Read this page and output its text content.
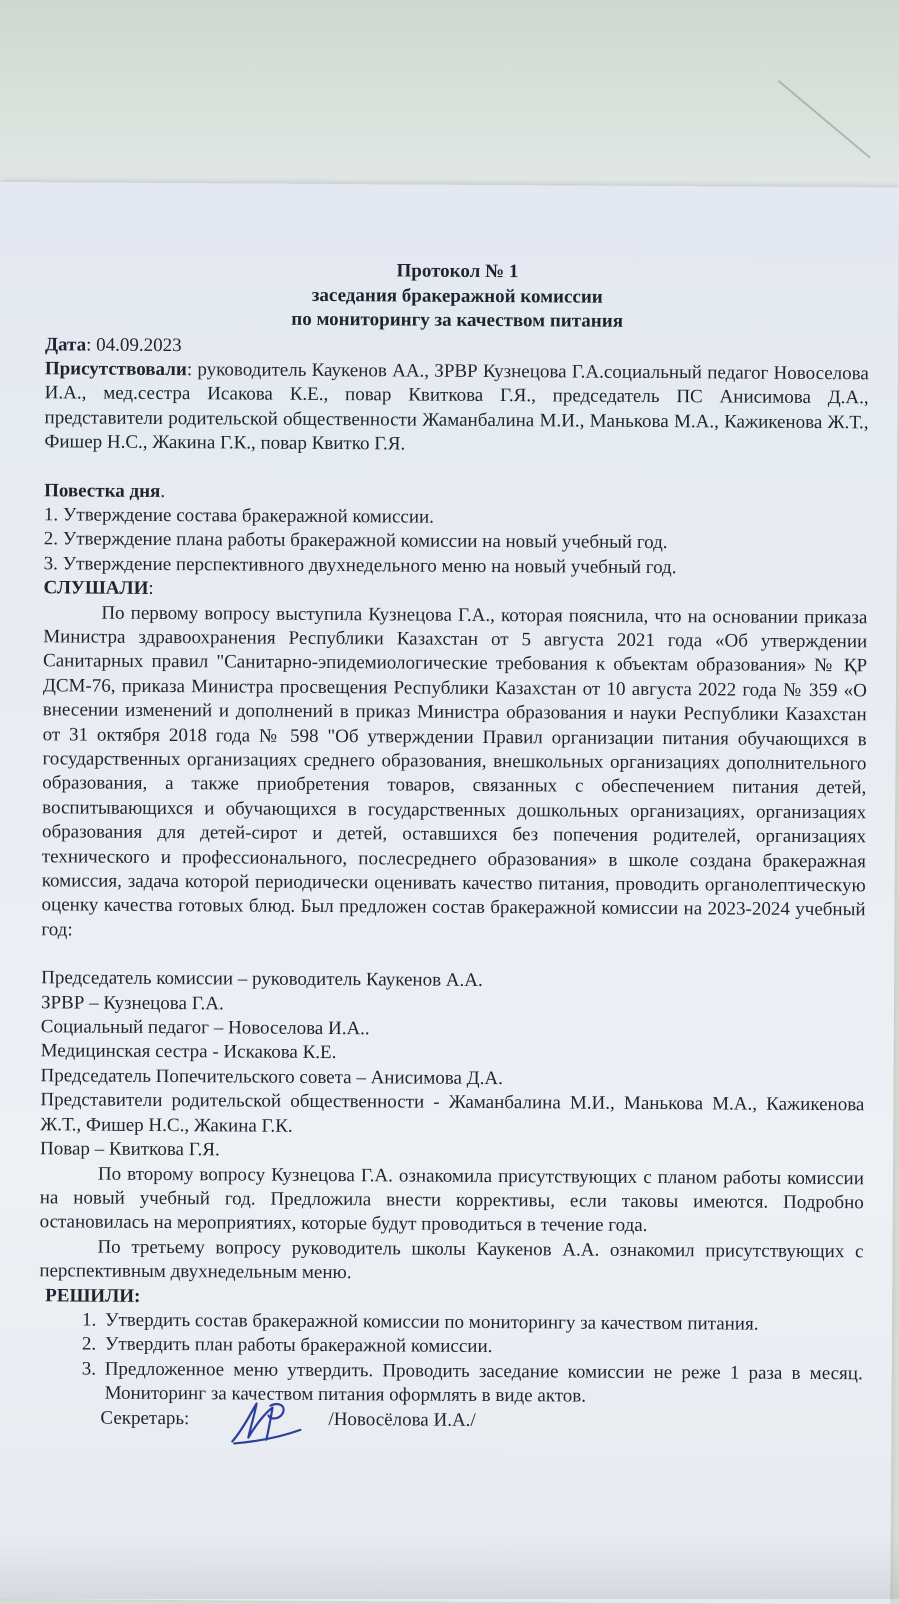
Протокол № 1
заседания бракеражной комиссии
по мониторингу за качеством питания

Дата: 04.09.2023

Присутствовали: руководитель Каукенов АА., ЗРВР Кузнецова Г.А.социальный педагог Новоселова И.А., мед.сестра Исакова К.Е., повар Квиткова Г.Я., председатель ПС Анисимова Д.А., представители родительской общественности Жаманбалина М.И., Манькова М.А., Кажикенова Ж.Т., Фишер Н.С., Жакина Г.К., повар Квитко Г.Я.

Повестка дня.

1. Утверждение состава бракеражной комиссии.
2. Утверждение плана работы бракеражной комиссии на новый учебный год.
3. Утверждение перспективного двухнедельного меню на новый учебный год.

СЛУШАЛИ:

По первому вопросу выступила Кузнецова Г.А., которая пояснила, что на основании приказа Министра здравоохранения Республики Казахстан от 5 августа 2021 года «Об утверждении Санитарных правил "Санитарно-эпидемиологические требования к объектам образования» № ҚР ДСМ-76, приказа Министра просвещения Республики Казахстан от 10 августа 2022 года № 359 «О внесении изменений и дополнений в приказ Министра образования и науки Республики Казахстан от 31 октября 2018 года № 598 "Об утверждении Правил организации питания обучающихся в государственных организациях среднего образования, внешкольных организациях дополнительного образования, а также приобретения товаров, связанных с обеспечением питания детей, воспитывающихся и обучающихся в государственных дошкольных организациях, организациях образования для детей-сирот и детей, оставшихся без попечения родителей, организациях технического и профессионального, послесреднего образования» в школе создана бракеражная комиссия, задача которой периодически оценивать качество питания, проводить органолептическую оценку качества готовых блюд. Был предложен состав бракеражной комиссии на 2023-2024 учебный год:

Председатель комиссии – руководитель Каукенов А.А.
ЗРВР – Кузнецова Г.А.
Социальный педагог – Новоселова И.А..
Медицинская сестра - Искакова К.Е.
Председатель Попечительского совета – Анисимова Д.А.
Представители родительской общественности - Жаманбалина М.И., Манькова М.А., Кажикенова Ж.Т., Фишер Н.С., Жакина Г.К.
Повар – Квиткова Г.Я.

По второму вопросу Кузнецова Г.А. ознакомила присутствующих с планом работы комиссии на новый учебный год. Предложила внести коррективы, если таковы имеются. Подробно остановилась на мероприятиях, которые будут проводиться в течение года.

По третьему вопросу руководитель школы Каукенов А.А. ознакомил присутствующих с перспективным двухнедельным меню.

РЕШИЛИ:

1. Утвердить состав бракеражной комиссии по мониторингу за качеством питания.
2. Утвердить план работы бракеражной комиссии.
3. Предложенное меню утвердить. Проводить заседание комиссии не реже 1 раза в месяц. Мониторинг за качеством питания оформлять в виде актов.
Секретарь:	/Новосёлова И.А./
